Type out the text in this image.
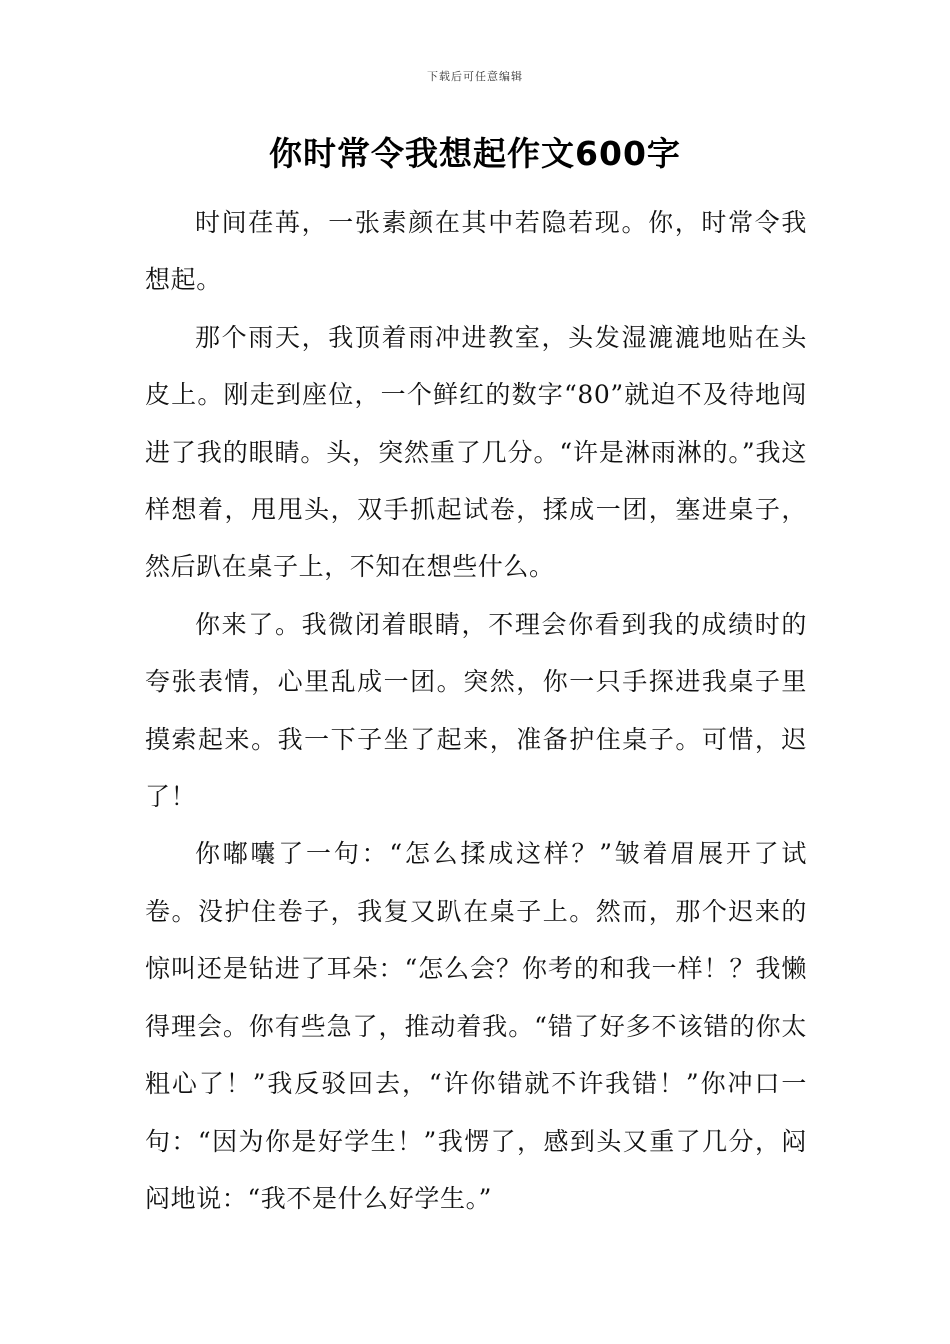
下载后可任意编辑
你时常令我想起作文600字

时间荏苒，一张素颜在其中若隐若现。你，时常令我想起。

那个雨天，我顶着雨冲进教室，头发湿漉漉地贴在头皮上。刚走到座位，一个鲜红的数字“80”就迫不及待地闯进了我的眼睛。头，突然重了几分。“许是淋雨淋的。”我这样想着，甩甩头，双手抓起试卷，揉成一团，塞进桌子，然后趴在桌子上，不知在想些什么。

你来了。我微闭着眼睛，不理会你看到我的成绩时的夸张表情，心里乱成一团。突然，你一只手探进我桌子里摸索起来。我一下子坐了起来，准备护住桌子。可惜，迟了！

你嘟囔了一句：“怎么揉成这样？”皱着眉展开了试卷。没护住卷子，我复又趴在桌子上。然而，那个迟来的惊叫还是钻进了耳朵：“怎么会？你考的和我一样！？我懒得理会。你有些急了，推动着我。“错了好多不该错的你太粗心了！”我反驳回去，“许你错就不许我错！”你冲口一句：“因为你是好学生！”我愣了，感到头又重了几分，闷闷地说：“我不是什么好学生。”
